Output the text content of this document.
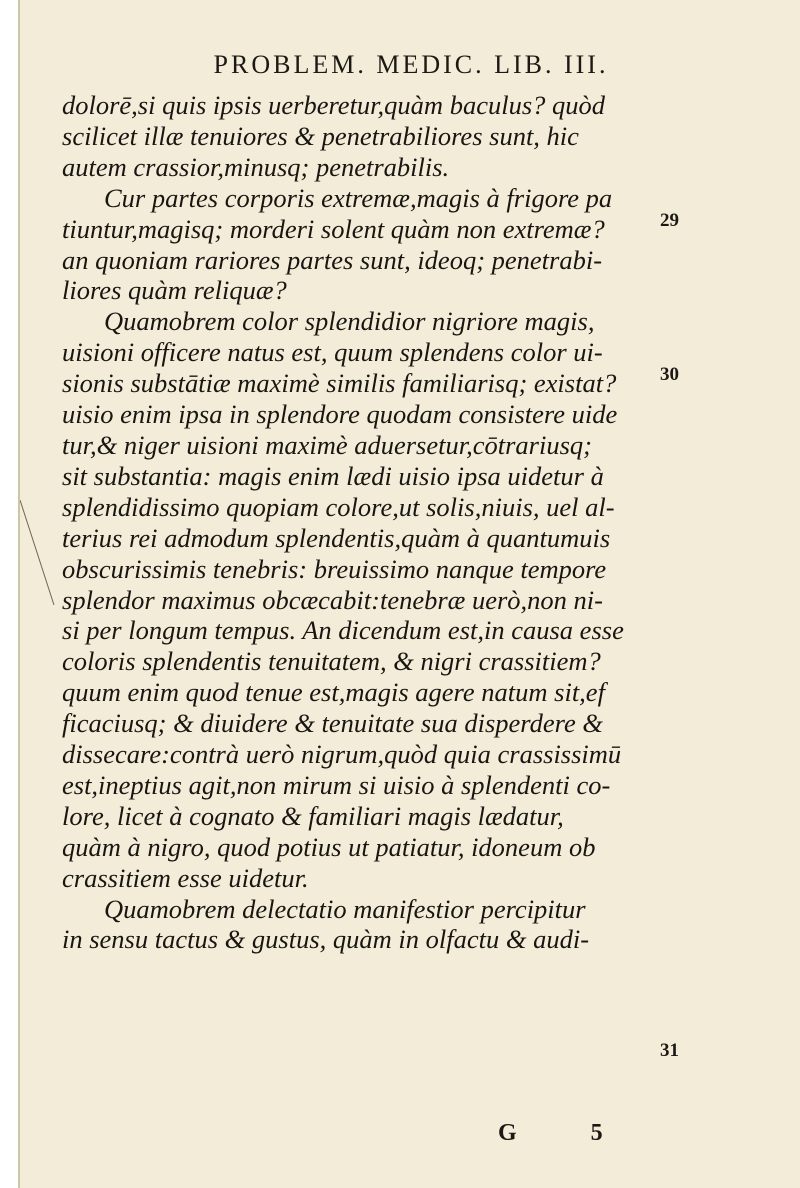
PROBLEM. MEDIC. LIB. III.
dolorē,si quis ipsis uerberetur,quàm baculus? quòd
scilicet illæ tenuiores & penetrabiliores sunt, hic
autem crassior,minusq; penetrabilis.
Cur partes corporis extremæ,magis à frigore pa
tiuntur,magisq; morderi solent quàm non extremæ?
an quoniam rariores partes sunt, ideoq; penetrabi-
liores quàm reliquæ?
Quamobrem color splendidior nigriore magis,
uisioni officere natus est, quum splendens color ui-
sionis substātiæ maximè similis familiarisq; existat?
uisio enim ipsa in splendore quodam consistere uide
tur,& niger uisioni maximè aduersetur,cōtrariusq;
sit substantia: magis enim lædi uisio ipsa uidetur à
splendidissimo quopiam colore,ut solis,niuis, uel al-
terius rei admodum splendentis,quàm à quantumuis
obscurissimis tenebris: breuissimo nanque tempore
splendor maximus obcæcabit:tenebræ uerò,non ni-
si per longum tempus. An dicendum est,in causa esse
coloris splendentis tenuitatem, & nigri crassitiem?
quum enim quod tenue est,magis agere natum sit,ef
ficaciusq; & diuidere & tenuitate sua disperdere &
dissecare:contrà uerò nigrum,quòd quia crassissimū
est,ineptius agit,non mirum si uisio à splendenti co-
lore, licet à cognato & familiari magis lædatur,
quàm à nigro, quod potius ut patiatur, idoneum ob
crassitiem esse uidetur.
Quamobrem delectatio manifestior percipitur
in sensu tactus & gustus, quàm in olfactu & audi-
29
30
31
G 5
